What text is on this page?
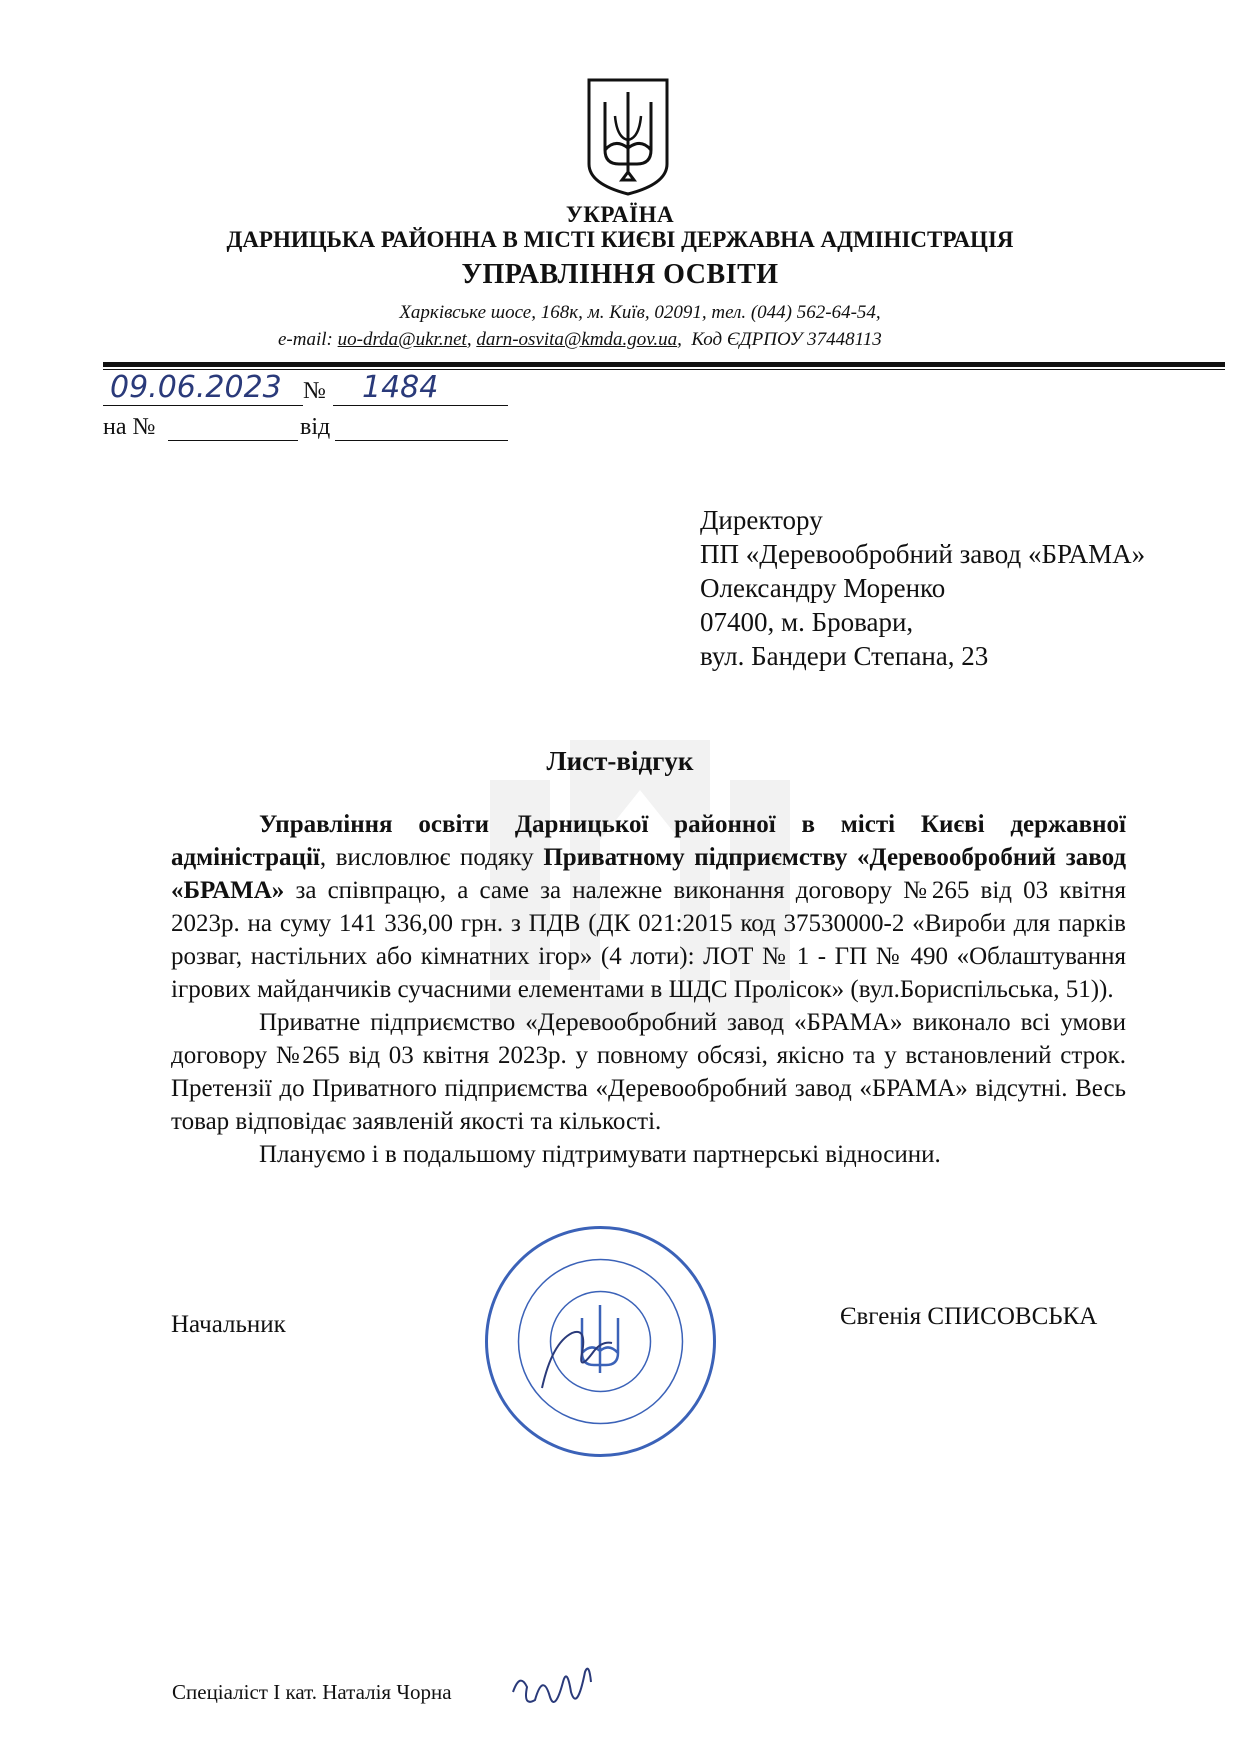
УКРАЇНА
ДАРНИЦЬКА РАЙОННА В МІСТІ КИЄВІ ДЕРЖАВНА АДМІНІСТРАЦІЯ
УПРАВЛІННЯ ОСВІТИ
Харківське шосе, 168к, м. Київ, 02091, тел. (044) 562-64-54,
e-mail: uo-drda@ukr.net, darn-osvita@kmda.gov.ua,  Код ЄДРПОУ 37448113
09.06.2023 № 1484
на №	від
Директору
ПП «Деревообробний завод «БРАМА»
Олександру Моренко
07400, м. Бровари,
вул. Бандери Степана, 23
Лист-відгук

Управління освіти Дарницької районної в місті Києві державної адміністрації, висловлює подяку Приватному підприємству «Деревообробний завод «БРАМА» за співпрацю, а саме за належне виконання договору №265 від 03 квітня 2023р. на суму 141 336,00 грн. з ПДВ (ДК 021:2015 код 37530000-2 «Вироби для парків розваг, настільних або кімнатних ігор» (4 лоти): ЛОТ № 1 - ГП № 490 «Облаштування ігрових майданчиків сучасними елементами в ШДС Пролісок» (вул.Бориспільська, 51)).

Приватне підприємство «Деревообробний завод «БРАМА» виконало всі умови договору №265 від 03 квітня 2023р. у повному обсязі, якісно та у встановлений строк. Претензії до Приватного підприємства «Деревообробний завод «БРАМА» відсутні. Весь товар відповідає заявленій якості та кількості.

Плануємо і в подальшому підтримувати партнерські відносини.

Начальник	Євгенія СПИСОВСЬКА
Спеціаліст І кат. Наталія Чорна
